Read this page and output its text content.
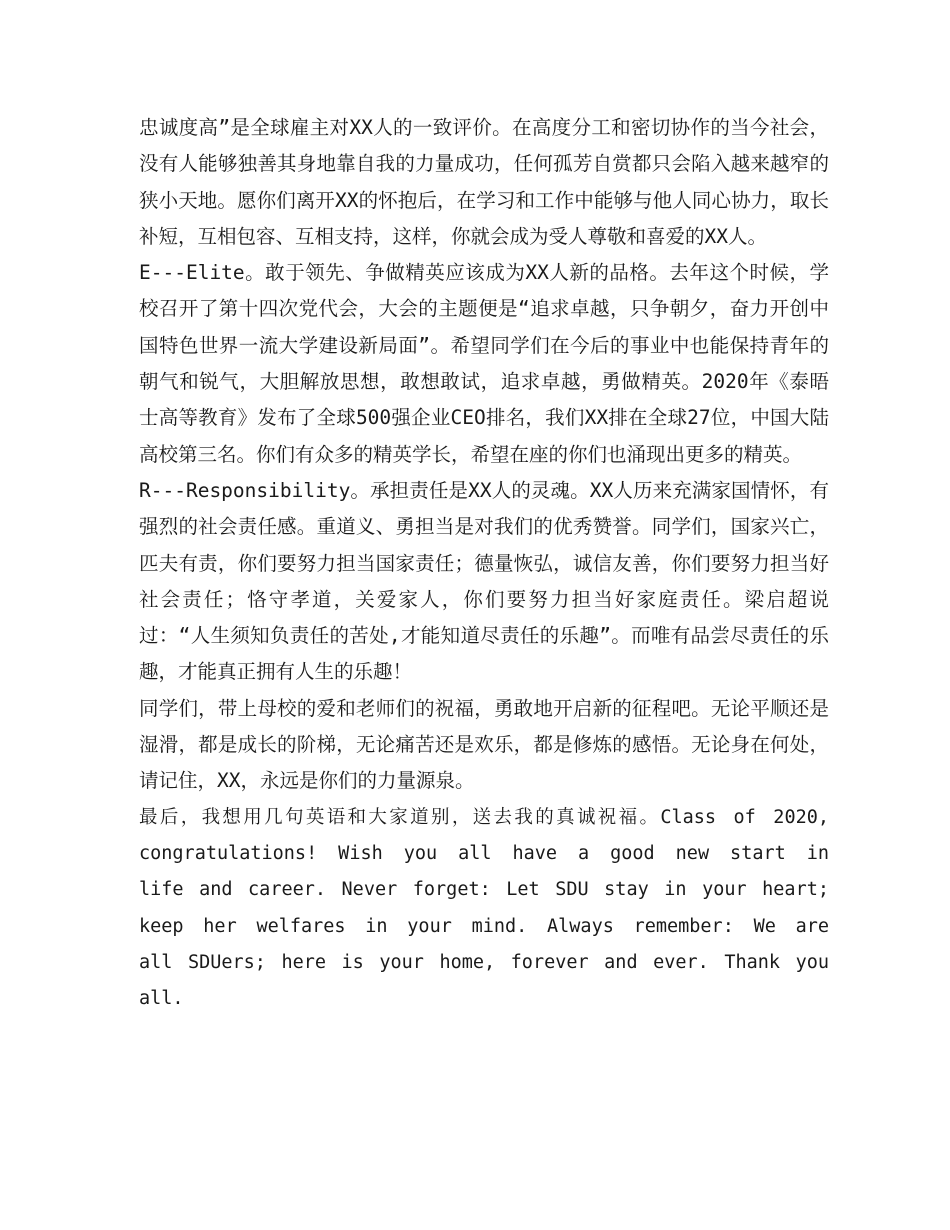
忠诚度高”是全球雇主对XX人的一致评价。在高度分工和密切协作的当今社会，没有人能够独善其身地靠自我的力量成功，任何孤芳自赏都只会陷入越来越窄的狭小天地。愿你们离开XX的怀抱后，在学习和工作中能够与他人同心协力，取长补短，互相包容、互相支持，这样，你就会成为受人尊敬和喜爱的XX人。

E---Elite。敢于领先、争做精英应该成为XX人新的品格。去年这个时候，学校召开了第十四次党代会，大会的主题便是“追求卓越，只争朝夕，奋力开创中国特色世界一流大学建设新局面”。希望同学们在今后的事业中也能保持青年的朝气和锐气，大胆解放思想，敢想敢试，追求卓越，勇做精英。2020年《泰晤士高等教育》发布了全球500强企业CEO排名，我们XX排在全球27位，中国大陆高校第三名。你们有众多的精英学长，希望在座的你们也涌现出更多的精英。

R---Responsibility。承担责任是XX人的灵魂。XX人历来充满家国情怀，有强烈的社会责任感。重道义、勇担当是对我们的优秀赞誉。同学们，国家兴亡，匹夫有责，你们要努力担当国家责任；德量恢弘，诚信友善，你们要努力担当好社会责任；恪守孝道，关爱家人，你们要努力担当好家庭责任。梁启超说过：“人生须知负责任的苦处,才能知道尽责任的乐趣”。而唯有品尝尽责任的乐趣，才能真正拥有人生的乐趣！

同学们，带上母校的爱和老师们的祝福，勇敢地开启新的征程吧。无论平顺还是湿滑，都是成长的阶梯，无论痛苦还是欢乐，都是修炼的感悟。无论身在何处，请记住，XX，永远是你们的力量源泉。

最后，我想用几句英语和大家道别，送去我的真诚祝福。Class of 2020, congratulations! Wish you all have a good new start in life and career. Never forget: Let SDU stay in your heart; keep her welfares in your mind. Always remember: We are all SDUers; here is your home, forever and ever. Thank you all.
